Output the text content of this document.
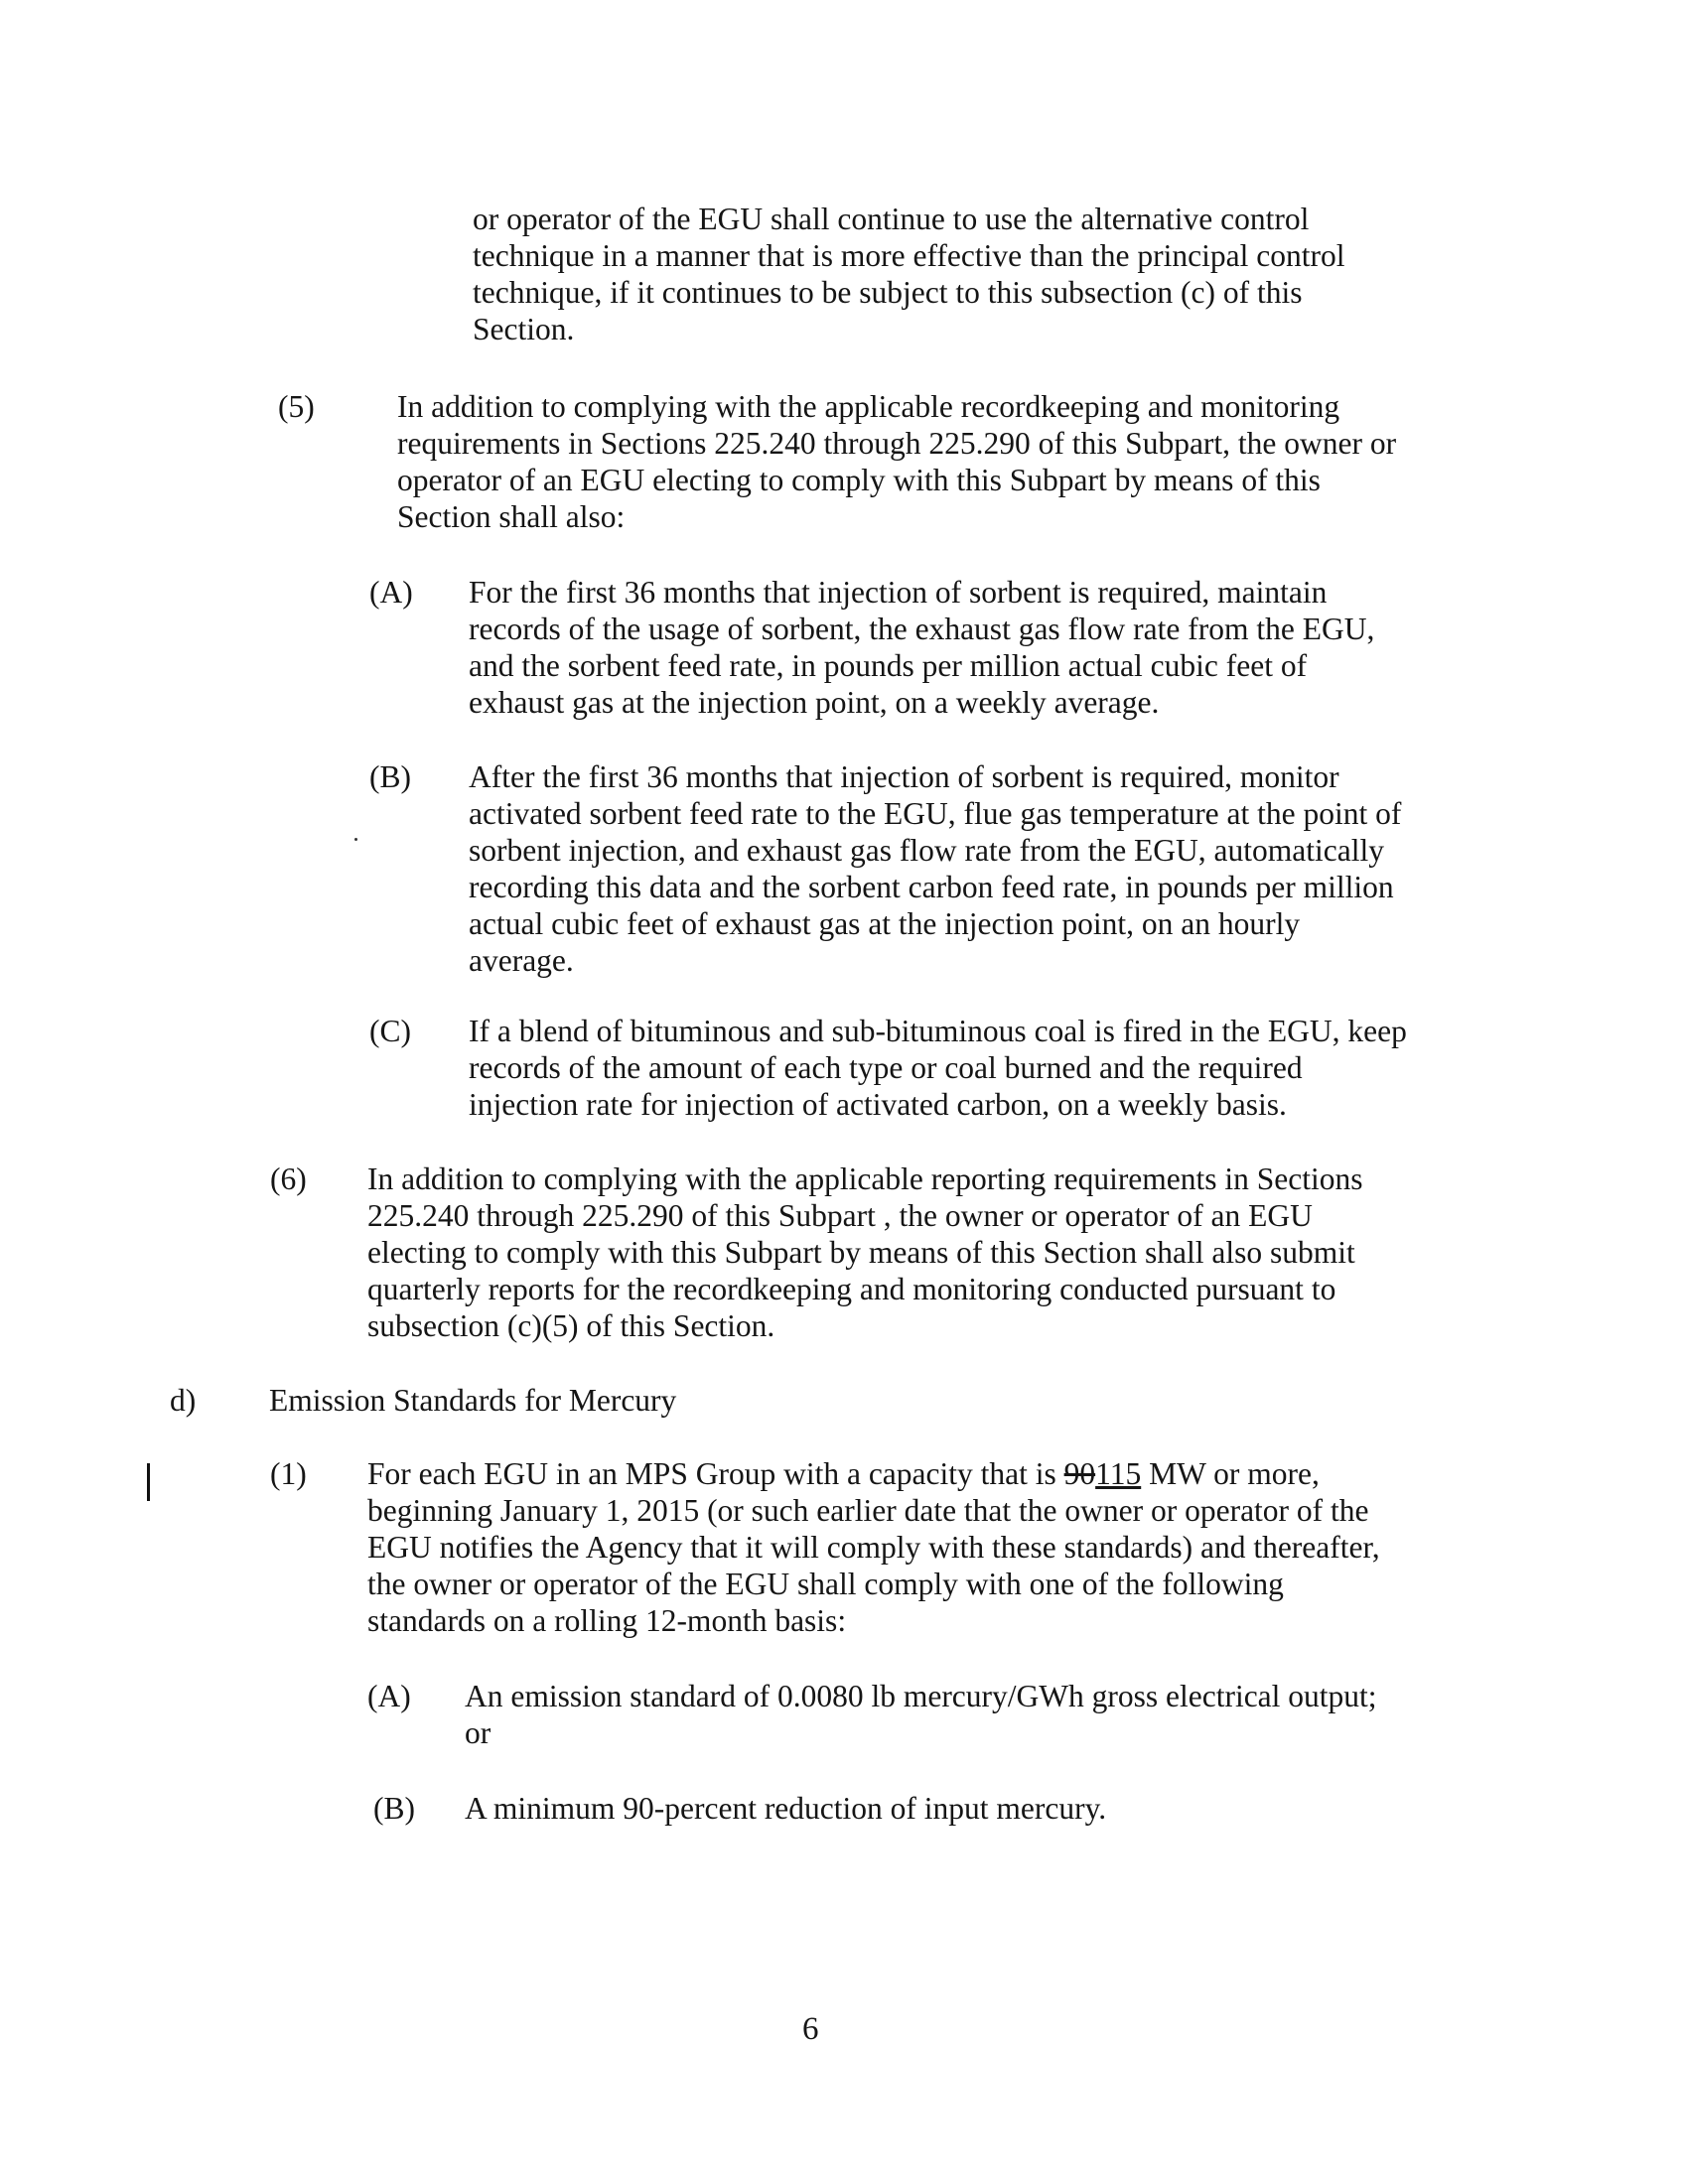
or operator of the EGU shall continue to use the alternative control
technique in a manner that is more effective than the principal control
technique, if it continues to be subject to this subsection (c) of this
Section.
(5)	In addition to complying with the applicable recordkeeping and monitoring
requirements in Sections 225.240 through 225.290 of this Subpart, the owner or
operator of an EGU electing to comply with this Subpart by means of this
Section shall also:
(A) For the first 36 months that injection of sorbent is required, maintain
records of the usage of sorbent, the exhaust gas flow rate from the EGU,
and the sorbent feed rate, in pounds per million actual cubic feet of
exhaust gas at the injection point, on a weekly average.
(B) After the first 36 months that injection of sorbent is required, monitor
activated sorbent feed rate to the EGU, flue gas temperature at the point of
sorbent injection, and exhaust gas flow rate from the EGU, automatically
recording this data and the sorbent carbon feed rate, in pounds per million
actual cubic feet of exhaust gas at the injection point, on an hourly
average.
(C) If a blend of bituminous and sub-bituminous coal is fired in the EGU, keep
records of the amount of each type or coal burned and the required
injection rate for injection of activated carbon, on a weekly basis.
(6) In addition to complying with the applicable reporting requirements in Sections
225.240 through 225.290 of this Subpart , the owner or operator of an EGU
electing to comply with this Subpart by means of this Section shall also submit
quarterly reports for the recordkeeping and monitoring conducted pursuant to
subsection (c)(5) of this Section.
d) Emission Standards for Mercury
(1) For each EGU in an MPS Group with a capacity that is 90115 MW or more,
beginning January 1, 2015 (or such earlier date that the owner or operator of the
EGU notifies the Agency that it will comply with these standards) and thereafter,
the owner or operator of the EGU shall comply with one of the following
standards on a rolling 12-month basis:
(A) An emission standard of 0.0080 lb mercury/GWh gross electrical output;
or
(B) A minimum 90-percent reduction of input mercury.
6
